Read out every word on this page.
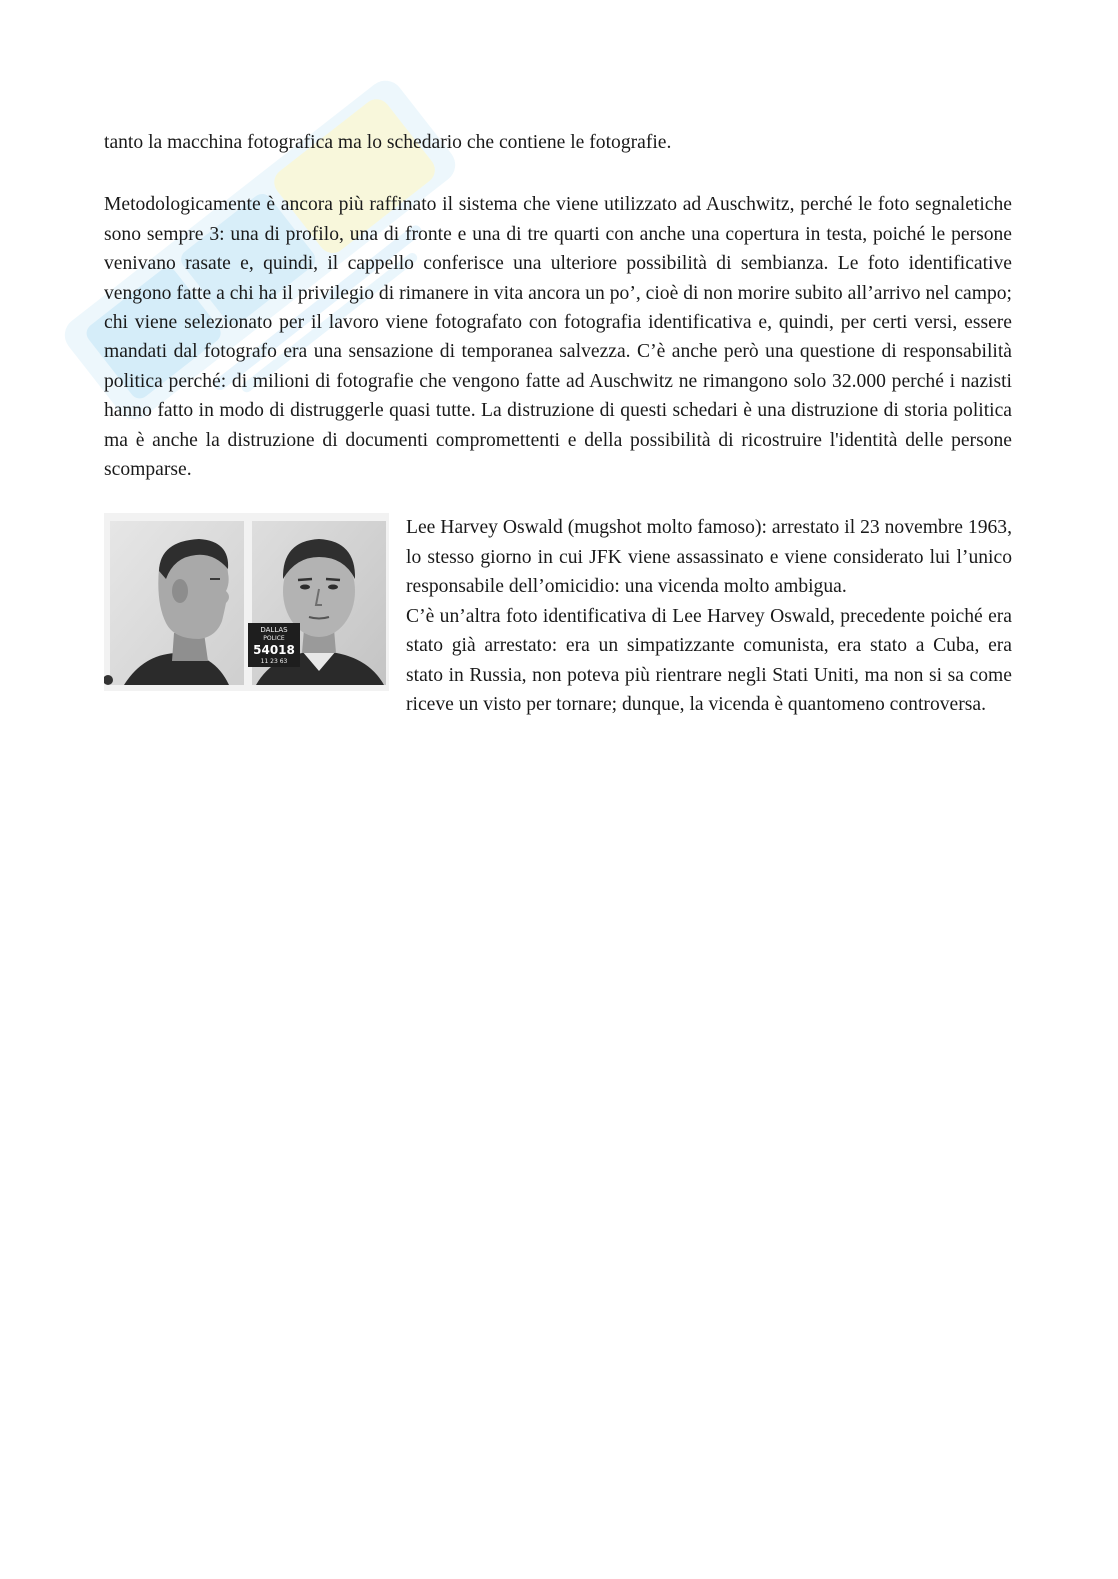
tanto la macchina fotografica ma lo schedario che contiene le fotografie.

Metodologicamente è ancora più raffinato il sistema che viene utilizzato ad Auschwitz, perché le foto segnaletiche sono sempre 3: una di profilo, una di fronte e una di tre quarti con anche una copertura in testa, poiché le persone venivano rasate e, quindi, il cappello conferisce una ulteriore possibilità di sembianza. Le foto identificative vengono fatte a chi ha il privilegio di rimanere in vita ancora un po’, cioè di non morire subito all’arrivo nel campo; chi viene selezionato per il lavoro viene fotografato con fotografia identificativa e, quindi, per certi versi, essere mandati dal fotografo era una sensazione di temporanea salvezza. C’è anche però una questione di responsabilità politica perché: di milioni di fotografie che vengono fatte ad Auschwitz ne rimangono solo 32.000 perché i nazisti hanno fatto in modo di distruggerle quasi tutte. La distruzione di questi schedari è una distruzione di storia politica ma è anche la distruzione di documenti compromettenti e della possibilità di ricostruire l'identità delle persone scomparse.

DALLAS
POLICE
54018
11 23 63

Lee Harvey Oswald (mugshot molto famoso): arrestato il 23 novembre 1963, lo stesso giorno in cui JFK viene assassinato e viene considerato lui l’unico responsabile dell’omicidio: una vicenda molto ambigua.

C’è un’altra foto identificativa di Lee Harvey Oswald, precedente poiché era stato già arrestato: era un simpatizzante comunista, era stato a Cuba, era stato in Russia, non poteva più rientrare negli Stati Uniti, ma non si sa come riceve un visto per tornare; dunque, la vicenda è quantomeno controversa.
